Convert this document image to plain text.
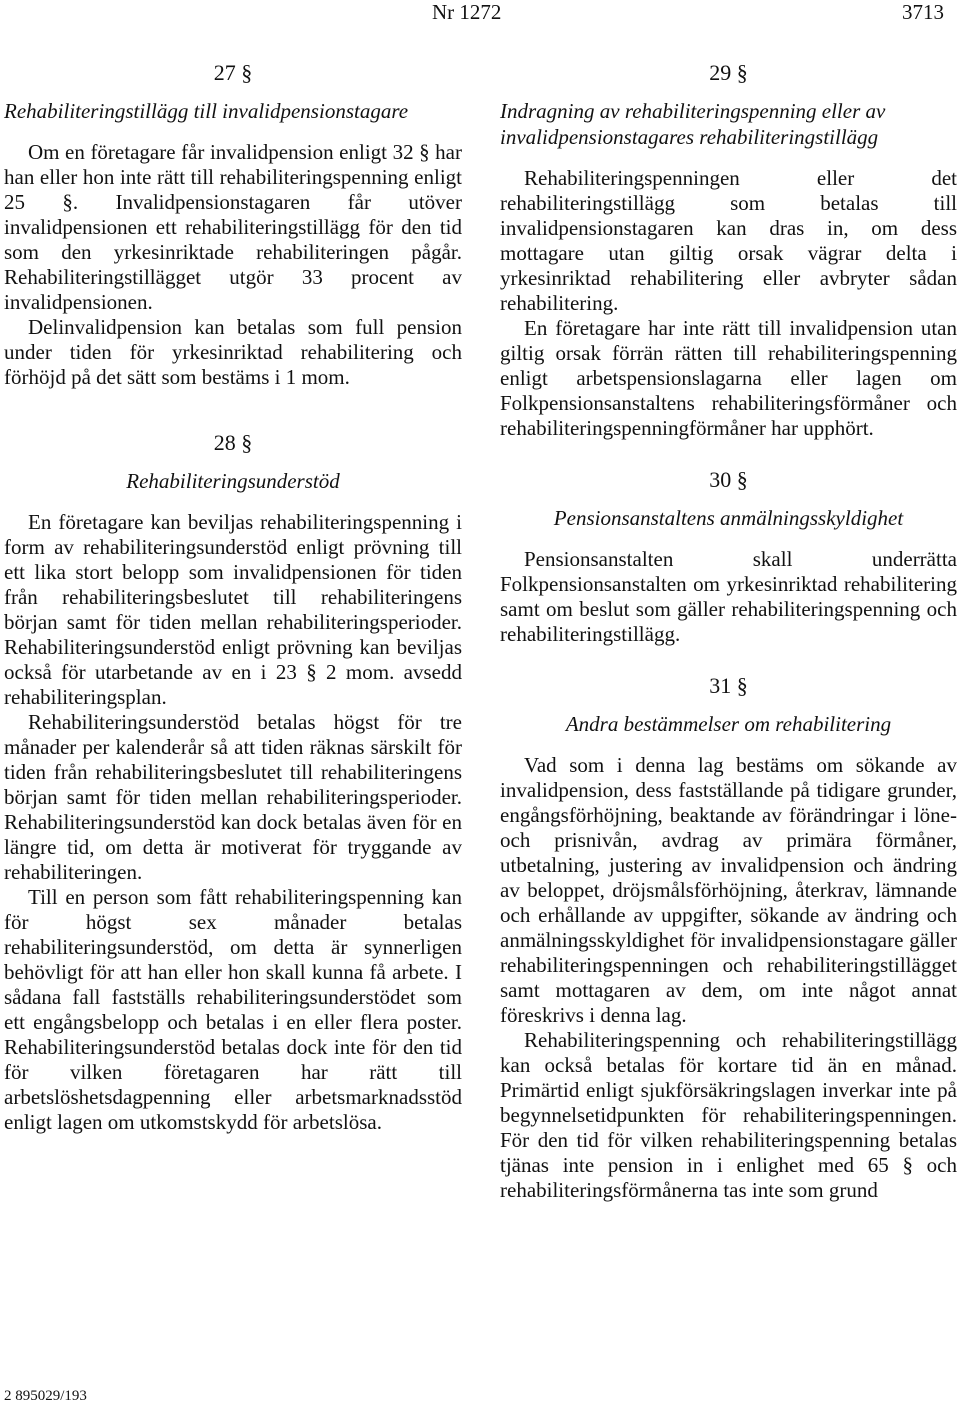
Nr 1272	3713
27 §
Rehabiliteringstillägg till invalidpensionstagare

Om en företagare får invalidpension enligt 32 § har han eller hon inte rätt till rehabiliteringspenning enligt 25 §. Invalidpensionstagaren får utöver invalidpensionen ett rehabiliteringstillägg för den tid som den yrkesinriktade rehabiliteringen pågår. Rehabiliteringstillägget utgör 33 procent av invalidpensionen.

Delinvalidpension kan betalas som full pension under tiden för yrkesinriktad rehabilitering och förhöjd på det sätt som bestäms i 1 mom.

28 §
Rehabiliteringsunderstöd

En företagare kan beviljas rehabiliteringspenning i form av rehabiliteringsunderstöd enligt prövning till ett lika stort belopp som invalidpensionen för tiden från rehabiliteringsbeslutet till rehabiliteringens början samt för tiden mellan rehabiliteringsperioder. Rehabiliteringsunderstöd enligt prövning kan beviljas också för utarbetande av en i 23 § 2 mom. avsedd rehabiliteringsplan.

Rehabiliteringsunderstöd betalas högst för tre månader per kalenderår så att tiden räknas särskilt för tiden från rehabiliteringsbeslutet till rehabiliteringens början samt för tiden mellan rehabiliteringsperioder. Rehabiliteringsunderstöd kan dock betalas även för en längre tid, om detta är motiverat för tryggande av rehabiliteringen.

Till en person som fått rehabiliteringspenning kan för högst sex månader betalas rehabiliteringsunderstöd, om detta är synnerligen behövligt för att han eller hon skall kunna få arbete. I sådana fall fastställs rehabiliteringsunderstödet som ett engångsbelopp och betalas i en eller flera poster. Rehabiliteringsunderstöd betalas dock inte för den tid för vilken företagaren har rätt till arbetslöshetsdagpenning eller arbetsmarknadsstöd enligt lagen om utkomstskydd för arbetslösa.

29 §
Indragning av rehabiliteringspenning eller av invalidpensionstagares rehabiliteringstillägg

Rehabiliteringspenningen eller det rehabiliteringstillägg som betalas till invalidpensionstagaren kan dras in, om dess mottagare utan giltig orsak vägrar delta i yrkesinriktad rehabilitering eller avbryter sådan rehabilitering.

En företagare har inte rätt till invalidpension utan giltig orsak förrän rätten till rehabiliteringspenning enligt arbetspensionslagarna eller lagen om Folkpensionsanstaltens rehabiliteringsförmåner och rehabiliteringspenningförmåner har upphört.

30 §
Pensionsanstaltens anmälningsskyldighet

Pensionsanstalten skall underrätta Folkpensionsanstalten om yrkesinriktad rehabilitering samt om beslut som gäller rehabiliteringspenning och rehabiliteringstillägg.

31 §
Andra bestämmelser om rehabilitering

Vad som i denna lag bestäms om sökande av invalidpension, dess fastställande på tidigare grunder, engångsförhöjning, beaktande av förändringar i löne- och prisnivån, avdrag av primära förmåner, utbetalning, justering av invalidpension och ändring av beloppet, dröjsmålsförhöjning, återkrav, lämnande och erhållande av uppgifter, sökande av ändring och anmälningsskyldighet för invalidpensionstagare gäller rehabiliteringspenningen och rehabiliteringstillägget samt mottagaren av dem, om inte något annat föreskrivs i denna lag.

Rehabiliteringspenning och rehabiliteringstillägg kan också betalas för kortare tid än en månad. Primärtid enligt sjukförsäkringslagen inverkar inte på begynnelsetidpunkten för rehabiliteringspenningen. För den tid för vilken rehabiliteringspenning betalas tjänas inte pension in i enlighet med 65 § och rehabiliteringsförmånerna tas inte som grund

2 895029/193
